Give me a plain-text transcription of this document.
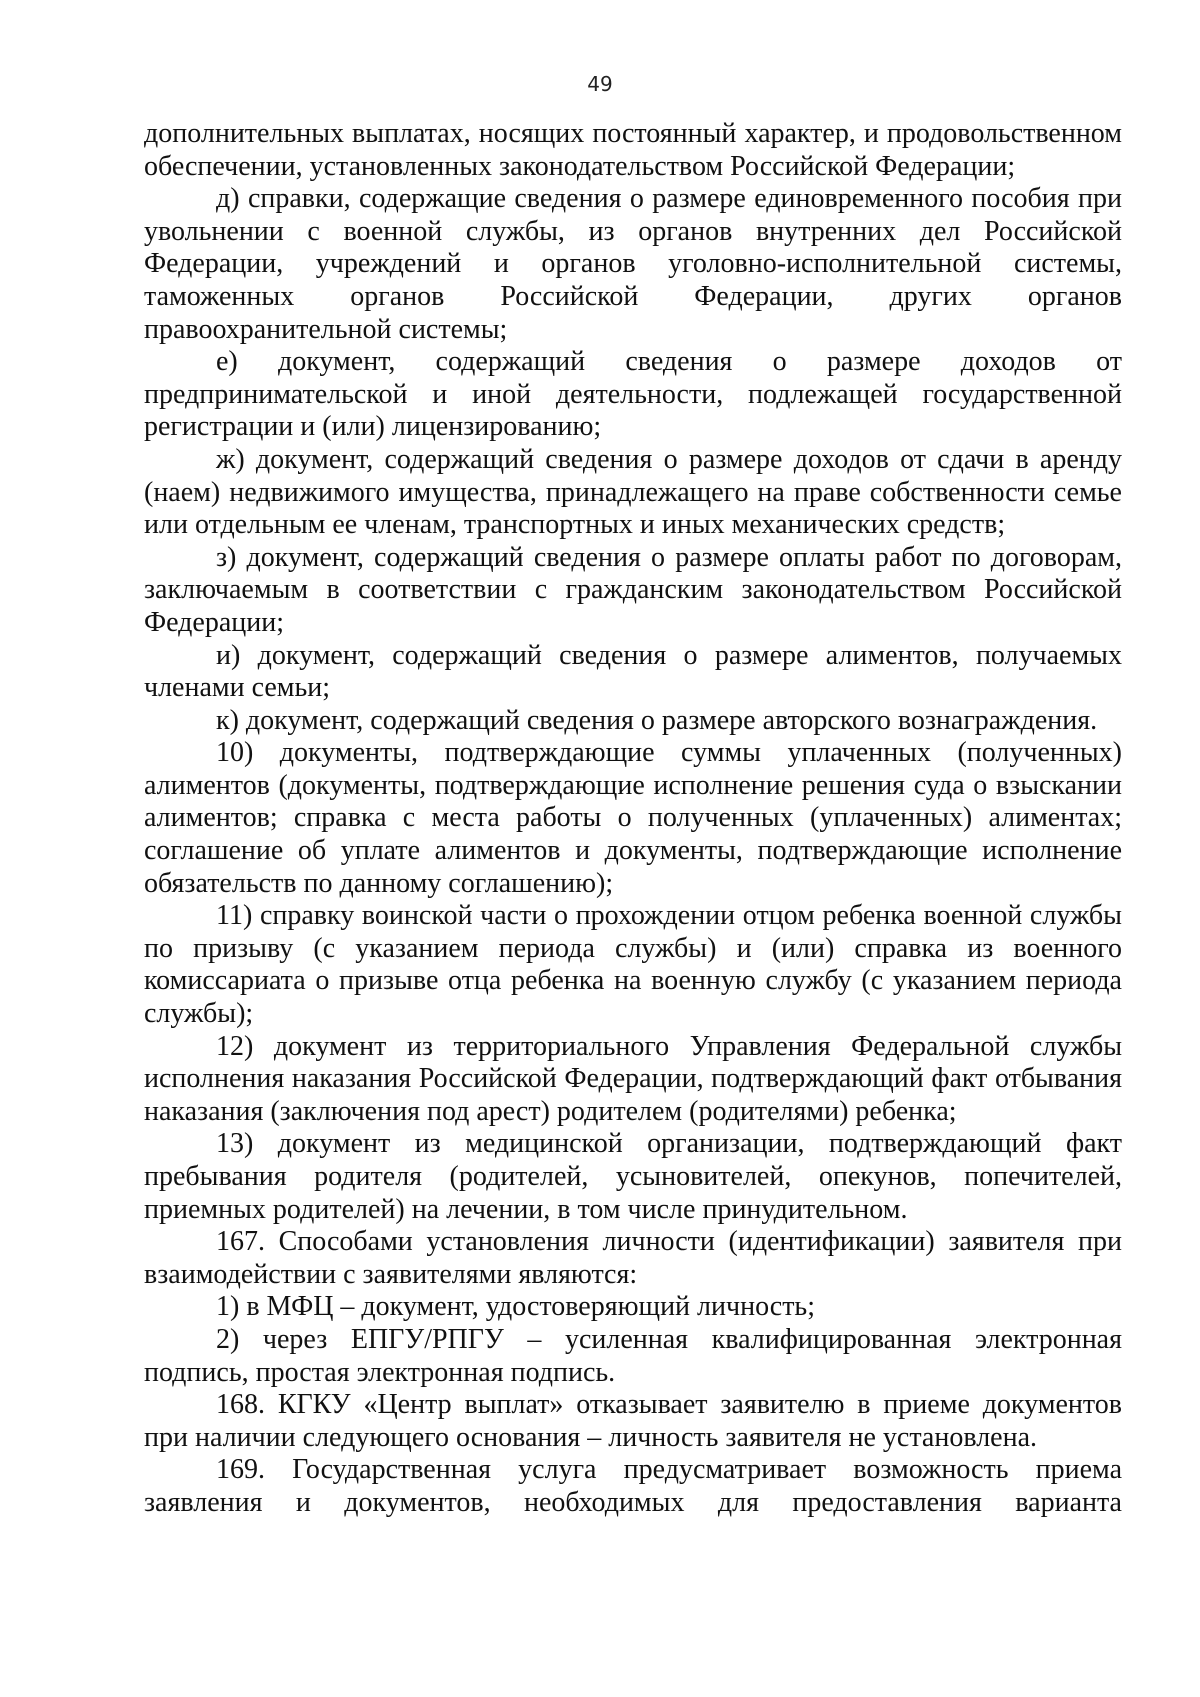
49

дополнительных выплатах, носящих постоянный характер, и продовольственном обеспечении, установленных законодательством Российской Федерации;

д) справки, содержащие сведения о размере единовременного пособия при увольнении с военной службы, из органов внутренних дел Российской Федерации, учреждений и органов уголовно-исполнительной системы, таможенных органов Российской Федерации, других органов правоохранительной системы;

е) документ, содержащий сведения о размере доходов от предпринимательской и иной деятельности, подлежащей государственной регистрации и (или) лицензированию;

ж) документ, содержащий сведения о размере доходов от сдачи в аренду (наем) недвижимого имущества, принадлежащего на праве собственности семье или отдельным ее членам, транспортных и иных механических средств;

з) документ, содержащий сведения о размере оплаты работ по договорам, заключаемым в соответствии с гражданским законодательством Российской Федерации;

и) документ, содержащий сведения о размере алиментов, получаемых членами семьи;

к) документ, содержащий сведения о размере авторского вознаграждения.

10) документы, подтверждающие суммы уплаченных (полученных) алиментов (документы, подтверждающие исполнение решения суда о взыскании алиментов; справка с места работы о полученных (уплаченных) алиментах; соглашение об уплате алиментов и документы, подтверждающие исполнение обязательств по данному соглашению);

11) справку воинской части о прохождении отцом ребенка военной службы по призыву (с указанием периода службы) и (или) справка из военного комиссариата о призыве отца ребенка на военную службу (с указанием периода службы);

12) документ из территориального Управления Федеральной службы исполнения наказания Российской Федерации, подтверждающий факт отбывания наказания (заключения под арест) родителем (родителями) ребенка;

13) документ из медицинской организации, подтверждающий факт пребывания родителя (родителей, усыновителей, опекунов, попечителей, приемных родителей) на лечении, в том числе принудительном.

167. Способами установления личности (идентификации) заявителя при взаимодействии с заявителями являются:

1) в МФЦ – документ, удостоверяющий личность;

2) через ЕПГУ/РПГУ – усиленная квалифицированная электронная подпись, простая электронная подпись.

168. КГКУ «Центр выплат» отказывает заявителю в приеме документов при наличии следующего основания – личность заявителя не установлена.

169. Государственная услуга предусматривает возможность приема заявления и документов, необходимых для предоставления варианта
